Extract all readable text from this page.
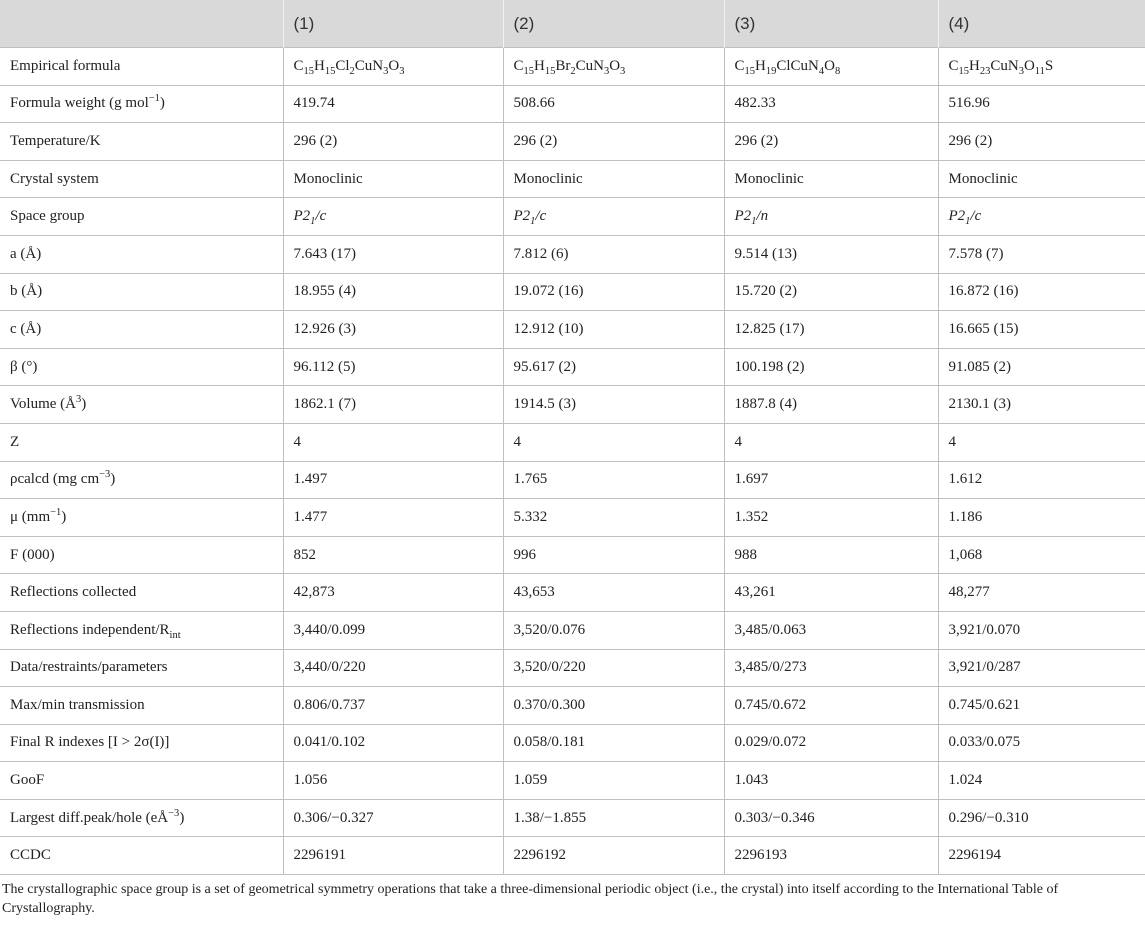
	(1)	(2)	(3)	(4)
Empirical formula	$C_{15}H_{15}Cl_2CuN_3O_3$	$C_{15}H_{15}Br_2CuN_3O_3$	$C_{15}H_{19}ClCuN_4O_8$	$C_{15}H_{23}CuN_3O_{11}S$
Formula weight (g mol$^{-1}$)	419.74	508.66	482.33	516.96
Temperature/K	296 (2)	296 (2)	296 (2)	296 (2)
Crystal system	Monoclinic	Monoclinic	Monoclinic	Monoclinic
Space group	$P2_1/c$	$P2_1/c$	$P2_1/n$	$P2_1/c$
a (Å)	7.643 (17)	7.812 (6)	9.514 (13)	7.578 (7)
b (Å)	18.955 (4)	19.072 (16)	15.720 (2)	16.872 (16)
c (Å)	12.926 (3)	12.912 (10)	12.825 (17)	16.665 (15)
β (°)	96.112 (5)	95.617 (2)	100.198 (2)	91.085 (2)
Volume $(Å^3)$	1862.1 (7)	1914.5 (3)	1887.8 (4)	2130.1 (3)
Z	4	4	4	4
ρcalcd (mg $cm^{-3}$)	1.497	1.765	1.697	1.612
μ $(mm^{-1})$	1.477	5.332	1.352	1.186
F (000)	852	996	988	1,068
Reflections collected	42,873	43,653	43,261	48,277
Reflections independent/$R_{int}$	3,440/0.099	3,520/0.076	3,485/0.063	3,921/0.070
Data/restraints/parameters	3,440/0/220	3,520/0/220	3,485/0/273	3,921/0/287
Max/min transmission	0.806/0.737	0.370/0.300	0.745/0.672	0.745/0.621
Final R indexes [I > 2σ(I)]	0.041/0.102	0.058/0.181	0.029/0.072	0.033/0.075
GooF	1.056	1.059	1.043	1.024
Largest diff.peak/hole $(eÅ^{-3})$	0.306/−0.327	1.38/−1.855	0.303/−0.346	0.296/−0.310
CCDC	2296191	2296192	2296193	2296194
The crystallographic space group is a set of geometrical symmetry operations that take a three-dimensional periodic object (i.e., the crystal) into itself according to the International Table of Crystallography.
